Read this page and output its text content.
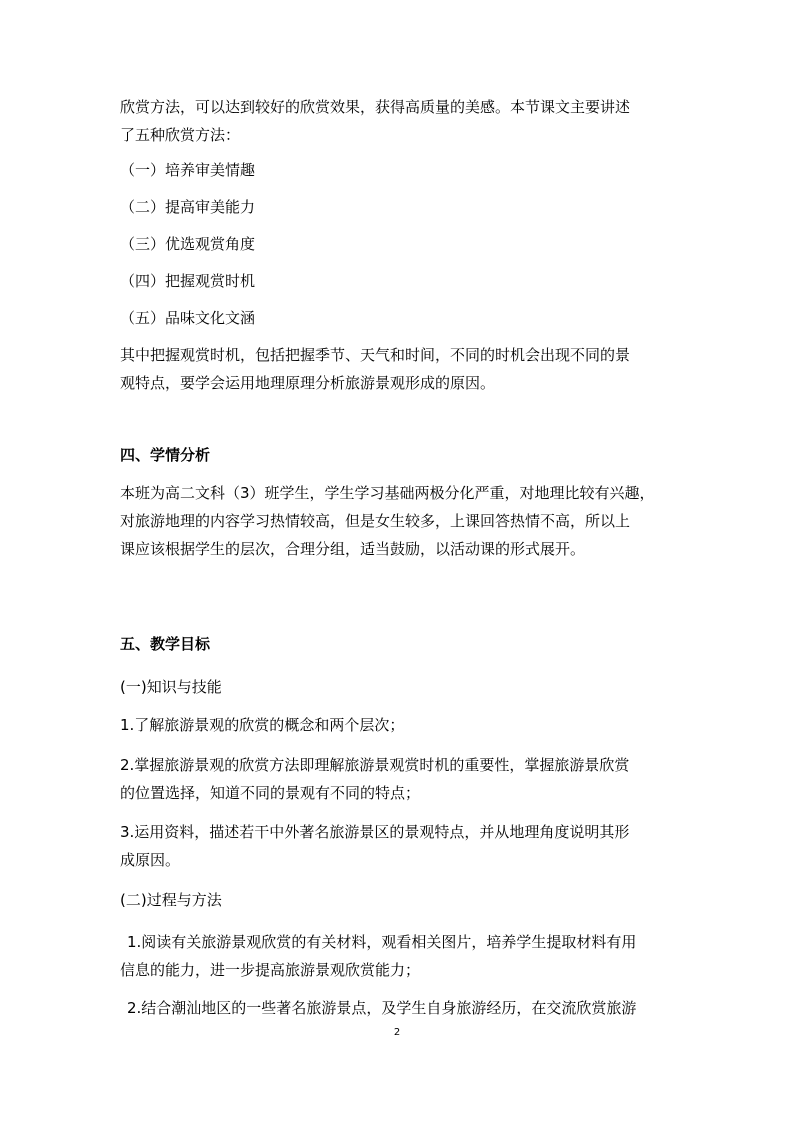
欣赏方法，可以达到较好的欣赏效果，获得高质量的美感。本节课文主要讲述
了五种欣赏方法：
（一）培养审美情趣
（二）提高审美能力
（三）优选观赏角度
（四）把握观赏时机
（五）品味文化文涵
其中把握观赏时机，包括把握季节、天气和时间，不同的时机会出现不同的景
观特点，要学会运用地理原理分析旅游景观形成的原因。
四、学情分析
本班为高二文科（3）班学生，学生学习基础两极分化严重，对地理比较有兴趣，
对旅游地理的内容学习热情较高，但是女生较多，上课回答热情不高，所以上
课应该根据学生的层次，合理分组，适当鼓励，以活动课的形式展开。
五、教学目标
(一)知识与技能
1.了解旅游景观的欣赏的概念和两个层次；
2.掌握旅游景观的欣赏方法即理解旅游景观赏时机的重要性，掌握旅游景欣赏
的位置选择，知道不同的景观有不同的特点；
3.运用资料，描述若干中外著名旅游景区的景观特点，并从地理角度说明其形
成原因。
(二)过程与方法
1.阅读有关旅游景观欣赏的有关材料，观看相关图片，培养学生提取材料有用
信息的能力，进一步提高旅游景观欣赏能力；
2.结合潮汕地区的一些著名旅游景点，及学生自身旅游经历，在交流欣赏旅游
2
